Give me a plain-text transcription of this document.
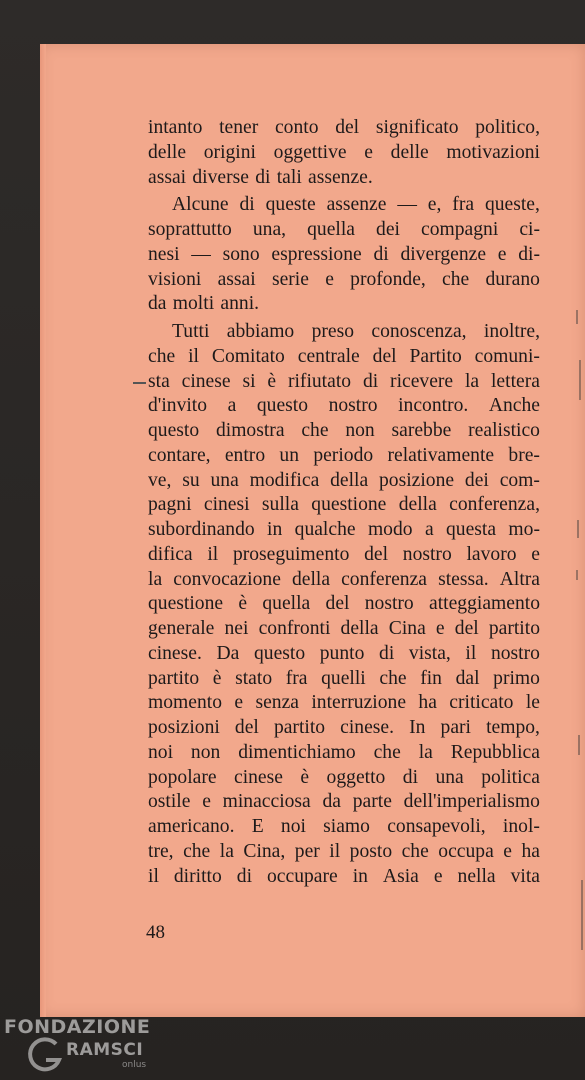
intanto tener conto del significato politico,
delle origini oggettive e delle motivazioni
assai diverse di tali assenze.
Alcune di queste assenze — e, fra queste,
soprattutto una, quella dei compagni ci-
nesi — sono espressione di divergenze e di-
visioni assai serie e profonde, che durano
da molti anni.
Tutti abbiamo preso conoscenza, inoltre,
che il Comitato centrale del Partito comuni-
sta cinese si è rifiutato di ricevere la lettera
d'invito a questo nostro incontro. Anche
questo dimostra che non sarebbe realistico
contare, entro un periodo relativamente bre-
ve, su una modifica della posizione dei com-
pagni cinesi sulla questione della conferenza,
subordinando in qualche modo a questa mo-
difica il proseguimento del nostro lavoro e
la convocazione della conferenza stessa. Altra
questione è quella del nostro atteggiamento
generale nei confronti della Cina e del partito
cinese. Da questo punto di vista, il nostro
partito è stato fra quelli che fin dal primo
momento e senza interruzione ha criticato le
posizioni del partito cinese. In pari tempo,
noi non dimentichiamo che la Repubblica
popolare cinese è oggetto di una politica
ostile e minacciosa da parte dell'imperialismo
americano. E noi siamo consapevoli, inol-
tre, che la Cina, per il posto che occupa e ha
il diritto di occupare in Asia e nella vita
48
FONDAZIONE
RAMSCI
onlus
